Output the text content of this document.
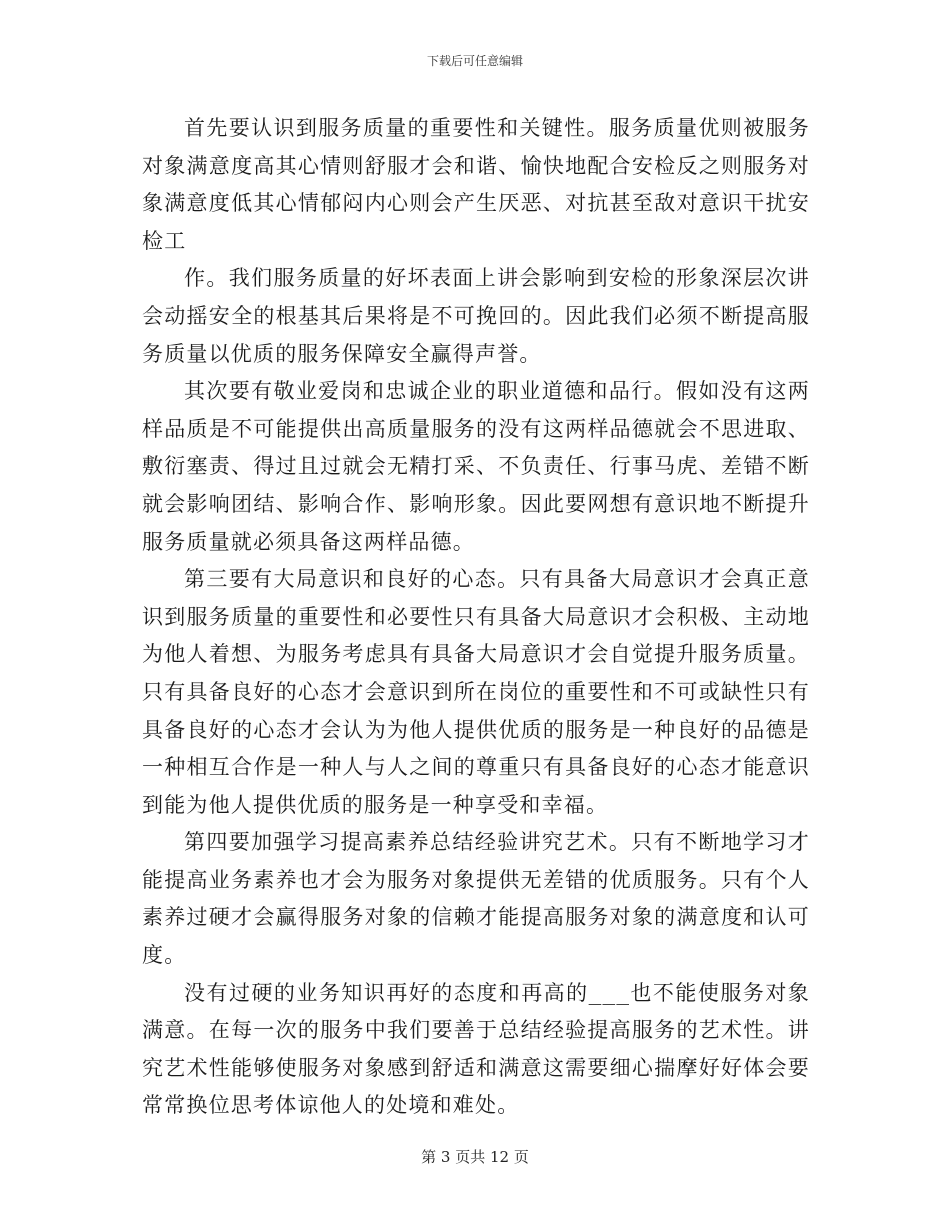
下载后可任意编辑

首先要认识到服务质量的重要性和关键性。服务质量优则被服务对象满意度高其心情则舒服才会和谐、愉快地配合安检反之则服务对象满意度低其心情郁闷内心则会产生厌恶、对抗甚至敌对意识干扰安检工

作。我们服务质量的好坏表面上讲会影响到安检的形象深层次讲会动摇安全的根基其后果将是不可挽回的。因此我们必须不断提高服务质量以优质的服务保障安全赢得声誉。

其次要有敬业爱岗和忠诚企业的职业道德和品行。假如没有这两样品质是不可能提供出高质量服务的没有这两样品德就会不思进取、敷衍塞责、得过且过就会无精打采、不负责任、行事马虎、差错不断就会影响团结、影响合作、影响形象。因此要网想有意识地不断提升服务质量就必须具备这两样品德。

第三要有大局意识和良好的心态。只有具备大局意识才会真正意识到服务质量的重要性和必要性只有具备大局意识才会积极、主动地为他人着想、为服务考虑具有具备大局意识才会自觉提升服务质量。只有具备良好的心态才会意识到所在岗位的重要性和不可或缺性只有具备良好的心态才会认为为他人提供优质的服务是一种良好的品德是一种相互合作是一种人与人之间的尊重只有具备良好的心态才能意识到能为他人提供优质的服务是一种享受和幸福。

第四要加强学习提高素养总结经验讲究艺术。只有不断地学习才能提高业务素养也才会为服务对象提供无差错的优质服务。只有个人素养过硬才会赢得服务对象的信赖才能提高服务对象的满意度和认可度。

没有过硬的业务知识再好的态度和再高的___也不能使服务对象满意。在每一次的服务中我们要善于总结经验提高服务的艺术性。讲究艺术性能够使服务对象感到舒适和满意这需要细心揣摩好好体会要常常换位思考体谅他人的处境和难处。

第 3 页共 12 页
